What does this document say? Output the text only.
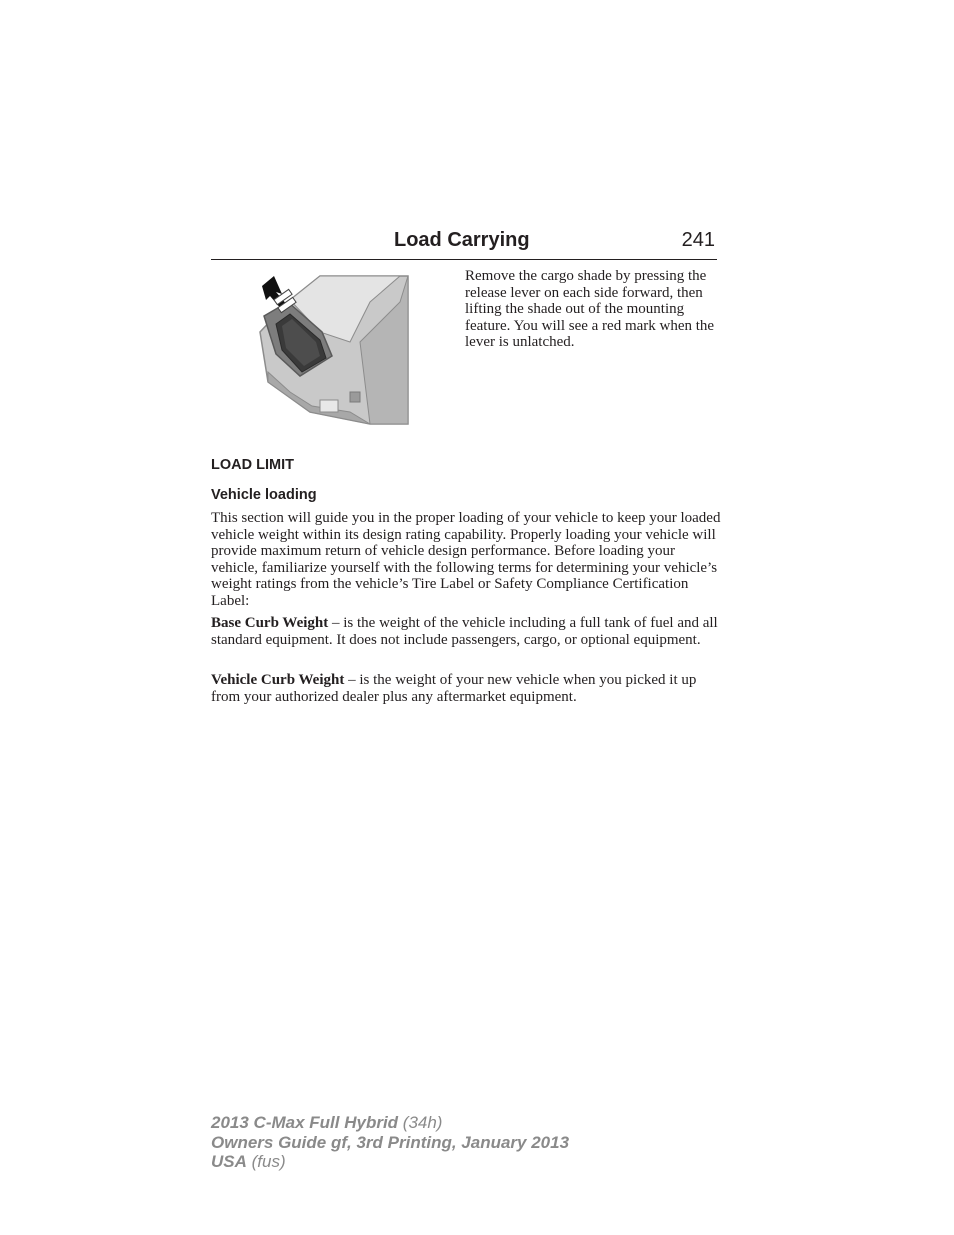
Load Carrying	241
Remove the cargo shade by pressing the release lever on each side forward, then lifting the shade out of the mounting feature. You will see a red mark when the lever is unlatched.
LOAD LIMIT
Vehicle loading
This section will guide you in the proper loading of your vehicle to keep your loaded vehicle weight within its design rating capability. Properly loading your vehicle will provide maximum return of vehicle design performance. Before loading your vehicle, familiarize yourself with the following terms for determining your vehicle’s weight ratings from the vehicle’s Tire Label or Safety Compliance Certification Label:
Base Curb Weight – is the weight of the vehicle including a full tank of fuel and all standard equipment. It does not include passengers, cargo, or optional equipment.
Vehicle Curb Weight – is the weight of your new vehicle when you picked it up from your authorized dealer plus any aftermarket equipment.
2013 C-Max Full Hybrid (34h)
Owners Guide gf, 3rd Printing, January 2013
USA (fus)
